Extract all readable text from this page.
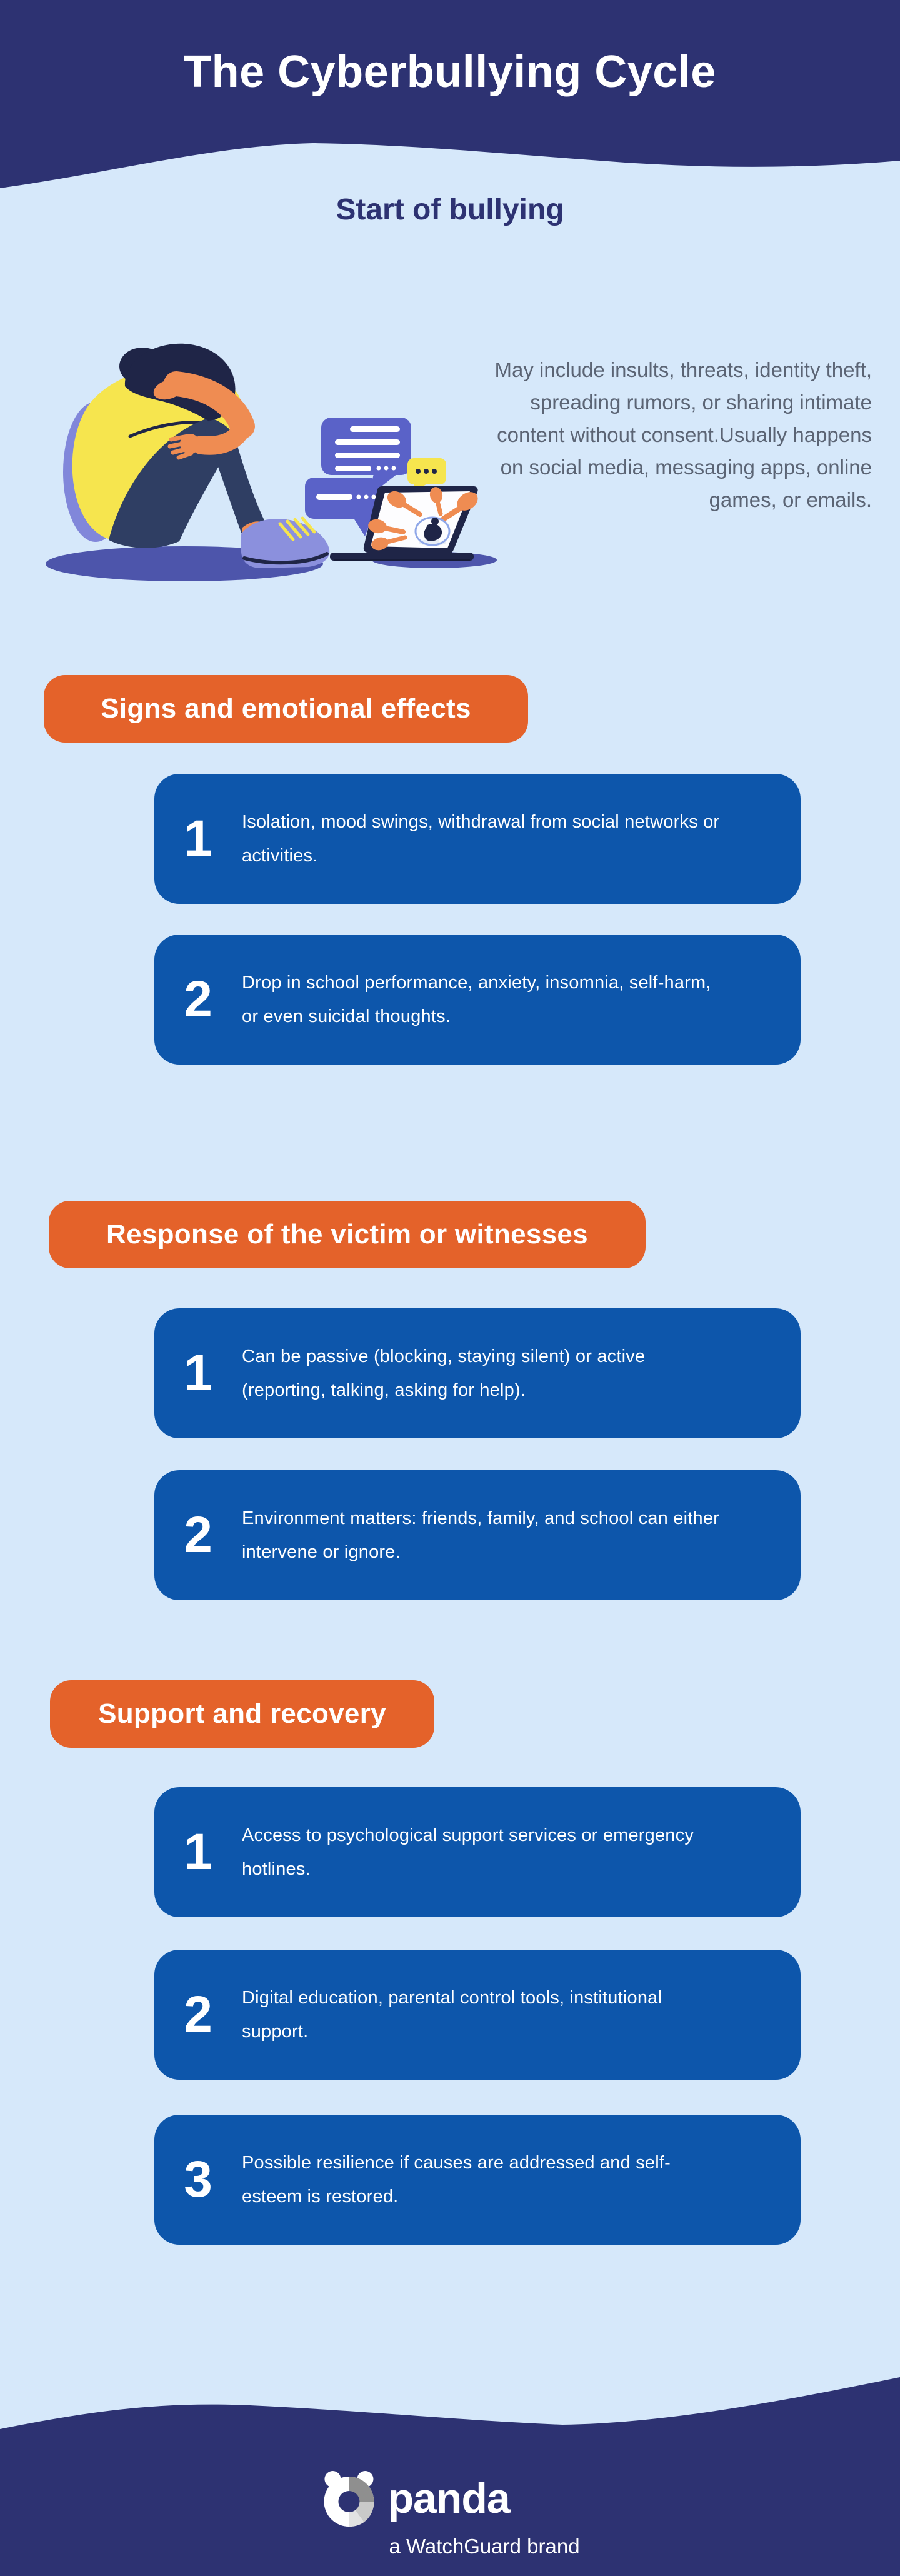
The Cyberbullying Cycle
Start of bullying
May include insults, threats, identity theft, spreading rumors, or sharing intimate content without consent.Usually happens on social media, messaging apps, online games, or emails.
Signs and emotional effects
1	Isolation, mood swings, withdrawal from social networks or activities.
2	Drop in school performance, anxiety, insomnia, self-harm, or even suicidal thoughts.
Response of the victim or witnesses
1	Can be passive (blocking, staying silent) or active (reporting, talking, asking for help).
2	Environment matters: friends, family, and school can either intervene or ignore.
Support and recovery
1	Access to psychological support services or emergency hotlines.
2	Digital education, parental control tools, institutional support.
3	Possible resilience if causes are addressed and self-esteem is restored.
panda
a WatchGuard brand
